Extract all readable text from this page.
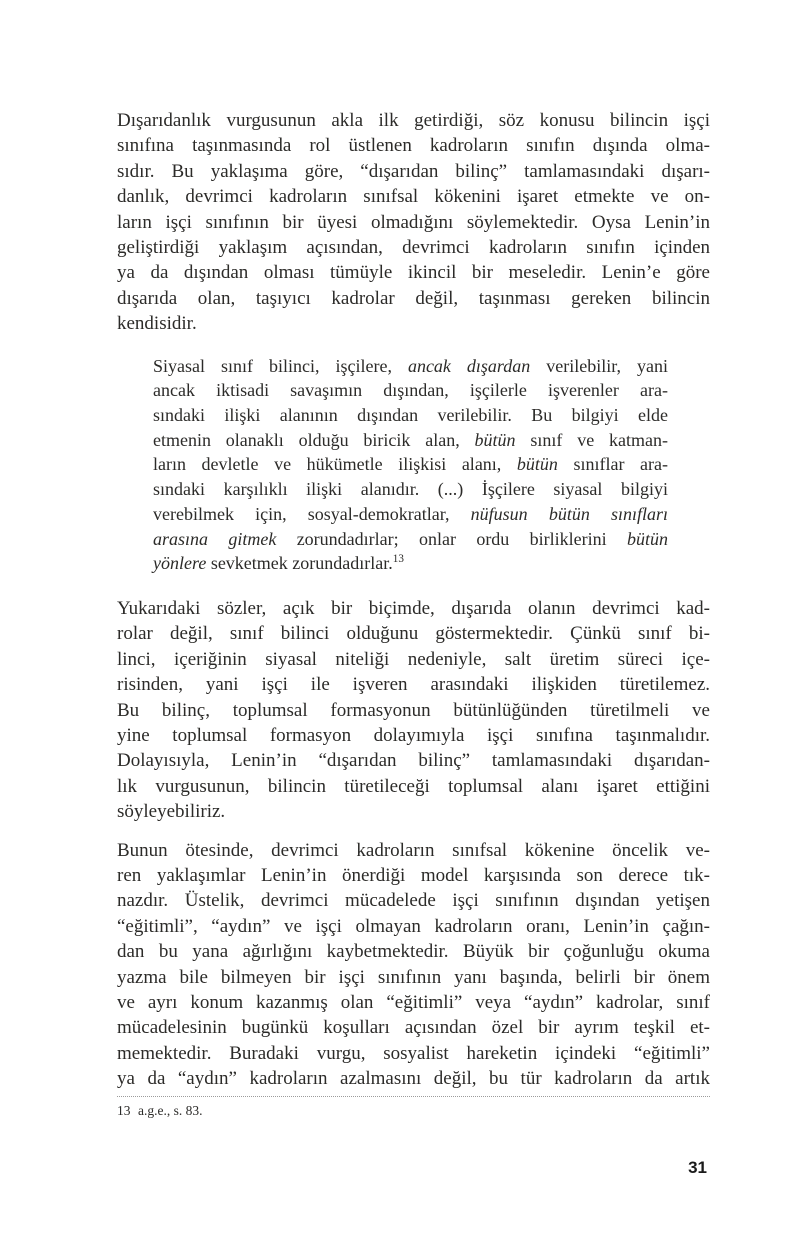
Dışarıdanlık vurgusunun akla ilk getirdiği, söz konusu bilincin işçi
sınıfına taşınmasında rol üstlenen kadroların sınıfın dışında olma-
sıdır. Bu yaklaşıma göre, “dışarıdan bilinç” tamlamasındaki dışarı-
danlık, devrimci kadroların sınıfsal kökenini işaret etmekte ve on-
ların işçi sınıfının bir üyesi olmadığını söylemektedir. Oysa Lenin’in
geliştirdiği yaklaşım açısından, devrimci kadroların sınıfın içinden
ya da dışından olması tümüyle ikincil bir meseledir. Lenin’e göre
dışarıda olan, taşıyıcı kadrolar değil, taşınması gereken bilincin
kendisidir.
Siyasal sınıf bilinci, işçilere, ancak dışardan verilebilir, yani
ancak iktisadi savaşımın dışından, işçilerle işverenler ara-
sındaki ilişki alanının dışından verilebilir. Bu bilgiyi elde
etmenin olanaklı olduğu biricik alan, bütün sınıf ve katman-
ların devletle ve hükümetle ilişkisi alanı, bütün sınıflar ara-
sındaki karşılıklı ilişki alanıdır. (...) İşçilere siyasal bilgiyi
verebilmek için, sosyal-demokratlar, nüfusun bütün sınıfları
arasına gitmek zorundadırlar; onlar ordu birliklerini bütün
yönlere sevketmek zorundadırlar.$^{13}$
Yukarıdaki sözler, açık bir biçimde, dışarıda olanın devrimci kad-
rolar değil, sınıf bilinci olduğunu göstermektedir. Çünkü sınıf bi-
linci, içeriğinin siyasal niteliği nedeniyle, salt üretim süreci içe-
risinden, yani işçi ile işveren arasındaki ilişkiden türetilemez.
Bu bilinç, toplumsal formasyonun bütünlüğünden türetilmeli ve
yine toplumsal formasyon dolayımıyla işçi sınıfına taşınmalıdır.
Dolayısıyla, Lenin’in “dışarıdan bilinç” tamlamasındaki dışarıdan-
lık vurgusunun, bilincin türetileceği toplumsal alanı işaret ettiğini
söyleyebiliriz.
Bunun ötesinde, devrimci kadroların sınıfsal kökenine öncelik ve-
ren yaklaşımlar Lenin’in önerdiği model karşısında son derece tık-
nazdır. Üstelik, devrimci mücadelede işçi sınıfının dışından yetişen
“eğitimli”, “aydın” ve işçi olmayan kadroların oranı, Lenin’in çağın-
dan bu yana ağırlığını kaybetmektedir. Büyük bir çoğunluğu okuma
yazma bile bilmeyen bir işçi sınıfının yanı başında, belirli bir önem
ve ayrı konum kazanmış olan “eğitimli” veya “aydın” kadrolar, sınıf
mücadelesinin bugünkü koşulları açısından özel bir ayrım teşkil et-
memektedir. Buradaki vurgu, sosyalist hareketin içindeki “eğitimli”
ya da “aydın” kadroların azalmasını değil, bu tür kadroların da artık
13 a.g.e., s. 83.
31
